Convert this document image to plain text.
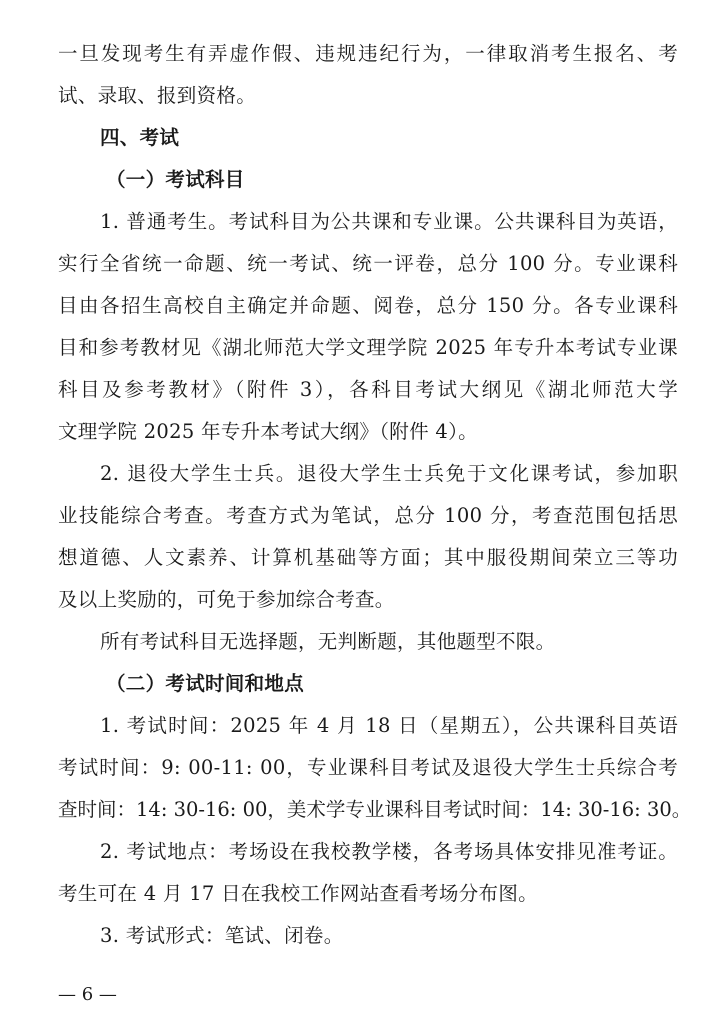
一旦发现考生有弄虚作假、违规违纪行为，一律取消考生报名、考
试、录取、报到资格。
四、考试
（一）考试科目
1. 普通考生。考试科目为公共课和专业课。公共课科目为英语，
实行全省统一命题、统一考试、统一评卷，总分 100 分。专业课科
目由各招生高校自主确定并命题、阅卷，总分 150 分。各专业课科
目和参考教材见《湖北师范大学文理学院 2025 年专升本考试专业课
科目及参考教材》（附件 3），各科目考试大纲见《湖北师范大学
文理学院 2025 年专升本考试大纲》（附件 4）。
2. 退役大学生士兵。退役大学生士兵免于文化课考试，参加职
业技能综合考查。考查方式为笔试，总分 100 分，考查范围包括思
想道德、人文素养、计算机基础等方面；其中服役期间荣立三等功
及以上奖励的，可免于参加综合考查。
所有考试科目无选择题，无判断题，其他题型不限。
（二）考试时间和地点
1. 考试时间：2025 年 4 月 18 日（星期五），公共课科目英语
考试时间：9: 00-11: 00，专业课科目考试及退役大学生士兵综合考
查时间：14: 30-16: 00，美术学专业课科目考试时间：14: 30-16: 30。
2. 考试地点：考场设在我校教学楼，各考场具体安排见准考证。
考生可在 4 月 17 日在我校工作网站查看考场分布图。
3. 考试形式：笔试、闭卷。
— 6 —
